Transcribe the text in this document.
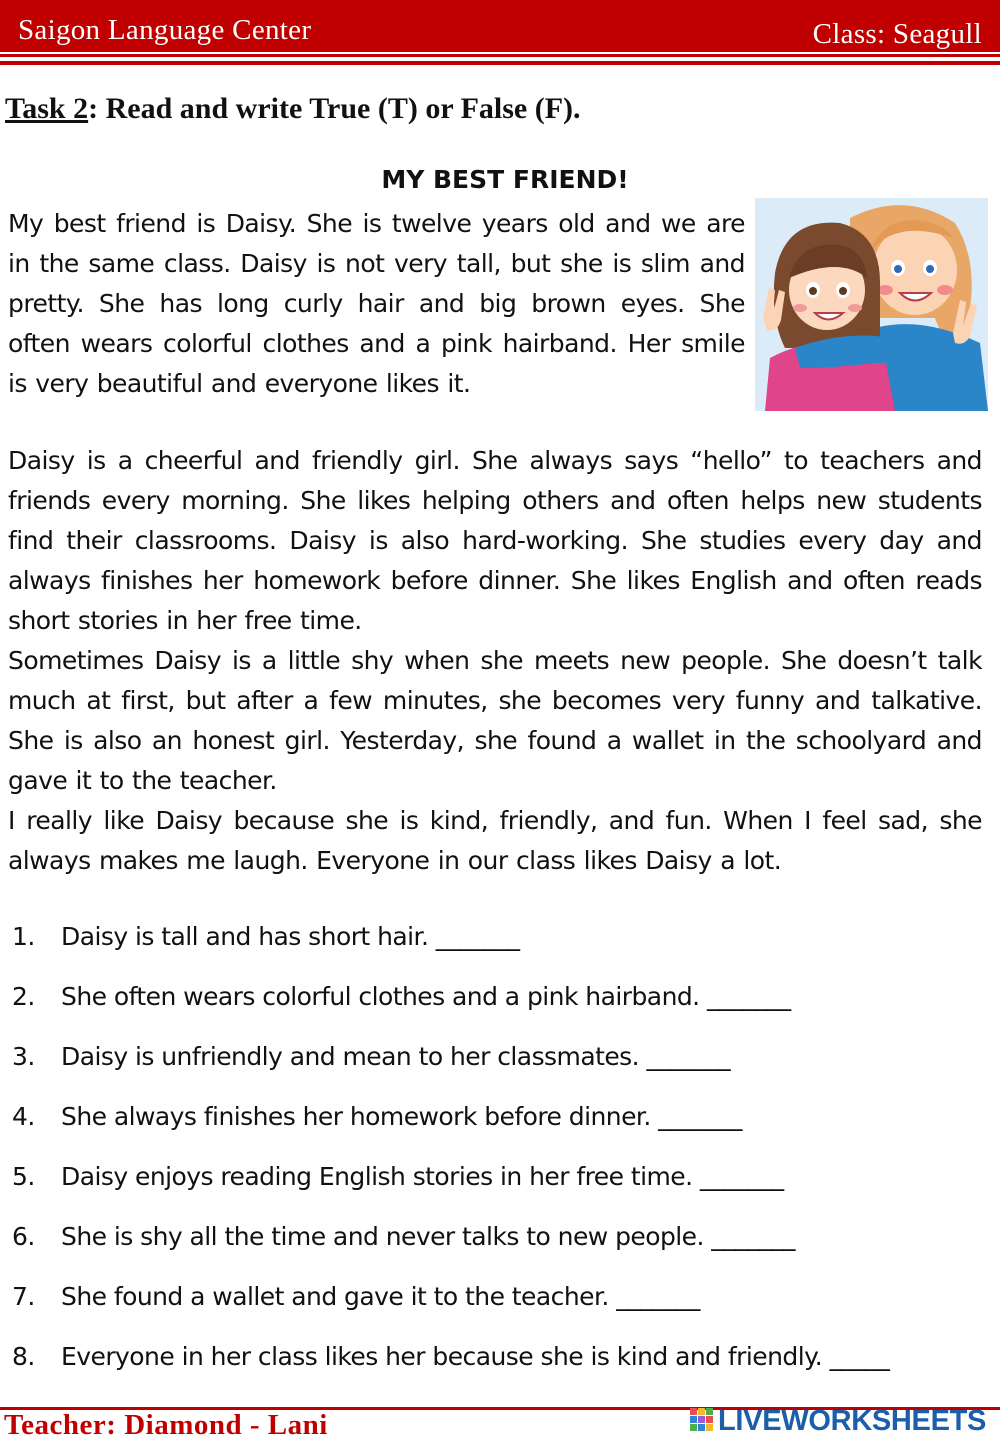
Saigon Language Center	Class: Seagull
Task 2: Read and write True (T) or False (F).
MY BEST FRIEND!
My best friend is Daisy. She is twelve years old and we are in the same class. Daisy is not very tall, but she is slim and pretty. She has long curly hair and big brown eyes. She often wears colorful clothes and a pink hairband. Her smile is very beautiful and everyone likes it.
Daisy is a cheerful and friendly girl. She always says “hello” to teachers and friends every morning. She likes helping others and often helps new students find their classrooms. Daisy is also hard-working. She studies every day and always finishes her homework before dinner. She likes English and often reads short stories in her free time.
Sometimes Daisy is a little shy when she meets new people. She doesn’t talk much at first, but after a few minutes, she becomes very funny and talkative. She is also an honest girl. Yesterday, she found a wallet in the schoolyard and gave it to the teacher.
I really like Daisy because she is kind, friendly, and fun. When I feel sad, she always makes me laugh. Everyone in our class likes Daisy a lot.
1. Daisy is tall and has short hair. _______
2. She often wears colorful clothes and a pink hairband. _______
3. Daisy is unfriendly and mean to her classmates. _______
4. She always finishes her homework before dinner. _______
5. Daisy enjoys reading English stories in her free time. _______
6. She is shy all the time and never talks to new people. _______
7. She found a wallet and gave it to the teacher. _______
8. Everyone in her class likes her because she is kind and friendly. _____
Teacher: Diamond - Lani	LIVEWORKSHEETS
